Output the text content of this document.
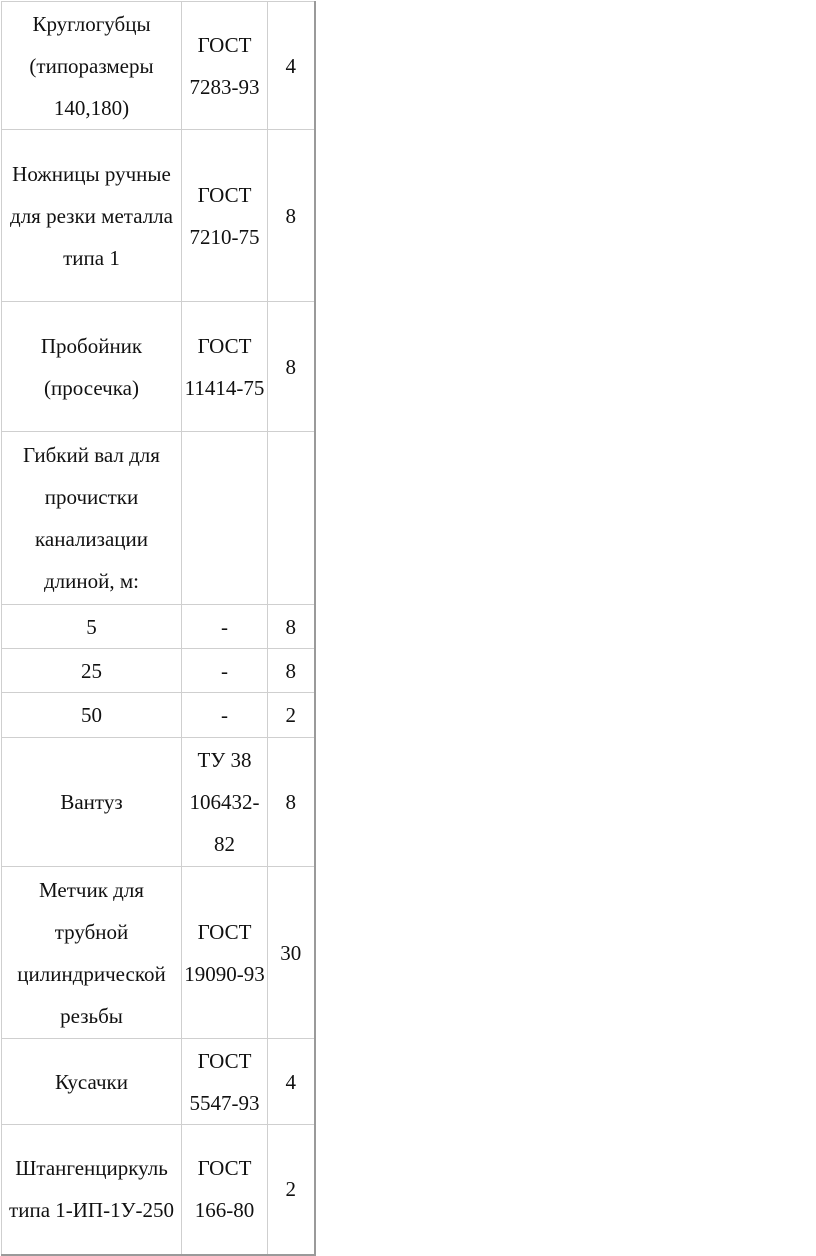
Круглогубцы (типоразмеры 140,180)	ГОСТ 7283-93	4

Ножницы ручные для резки металла типа 1	ГОСТ 7210-75	8

Пробойник (просечка)	ГОСТ 11414-75	8

Гибкий вал для прочистки канализации длиной, м:		

5	-	8

25	-	8

50	-	2

Вантуз	ТУ 38 106432-82	8

Метчик для трубной цилиндрической резьбы	ГОСТ 19090-93	30

Кусачки	ГОСТ 5547-93	4

Штангенциркуль типа 1-ИП-1У-250	ГОСТ 166-80	2
